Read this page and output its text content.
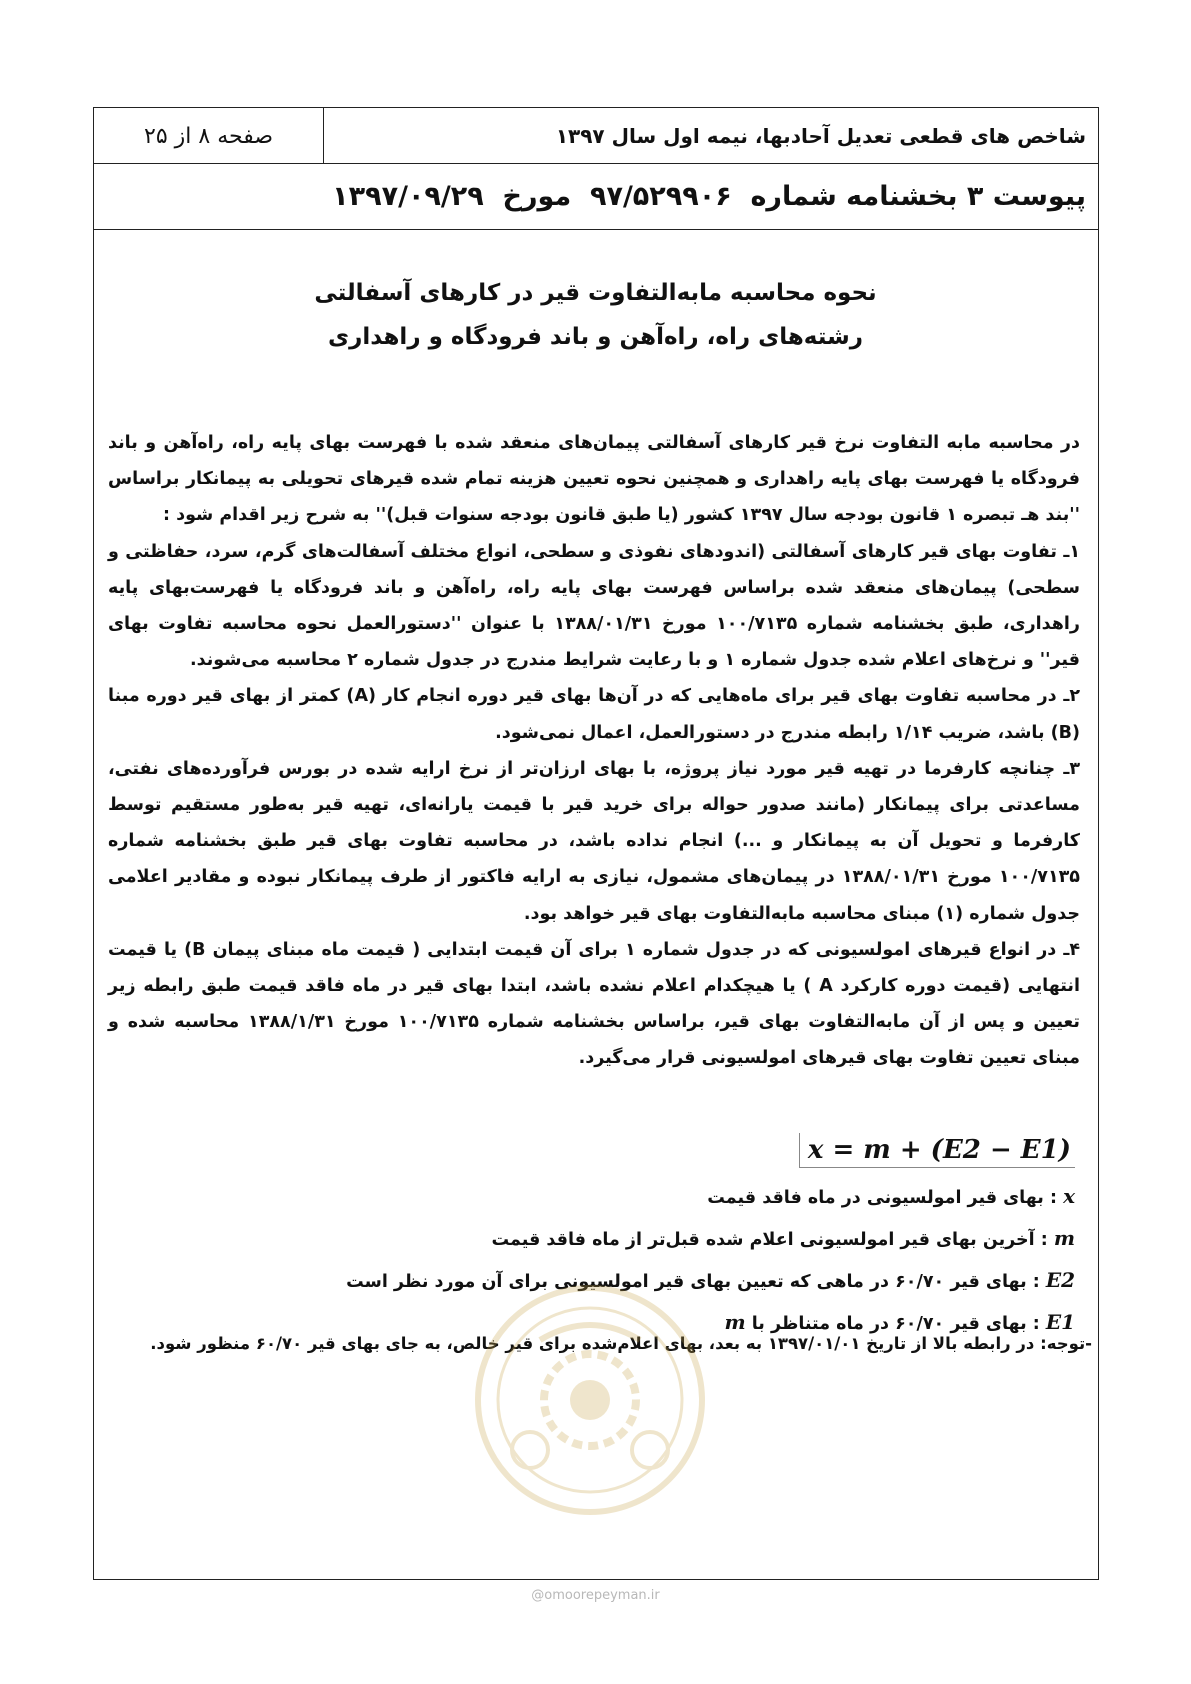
صفحه ۸ از ۲۵	شاخص های قطعی تعدیل آحادبها، نیمه اول سال ۱۳۹۷
پیوست ۳ بخشنامه شماره  ۹۷/۵۲۹۹۰۶  مورخ  ۱۳۹۷/۰۹/۲۹
نحوه محاسبه مابه‌التفاوت قیر در کارهای آسفالتی
رشته‌های راه، راه‌آهن و باند فرودگاه و راهداری

در محاسبه مابه التفاوت نرخ قیر کارهای آسفالتی پیمان‌های منعقد شده با فهرست بهای پایه راه، راه‌آهن و باند فرودگاه یا فهرست بهای پایه راهداری و همچنین نحوه تعیین هزینه تمام شده قیرهای تحویلی به پیمانکار براساس ''بند هـ تبصره ۱ قانون بودجه سال ۱۳۹۷ کشور (یا طبق قانون بودجه سنوات قبل)'' به شرح زیر اقدام شود :

۱ـ تفاوت بهای قیر کارهای آسفالتی (اندودهای نفوذی و سطحی، انواع مختلف آسفالت‌های گرم، سرد، حفاظتی و سطحی) پیمان‌های منعقد شده براساس فهرست بهای پایه راه، راه‌آهن و باند فرودگاه یا فهرست‌بهای پایه راهداری، طبق بخشنامه شماره ۱۰۰/۷۱۳۵ مورخ ۱۳۸۸/۰۱/۳۱ با عنوان ''دستورالعمل نحوه محاسبه تفاوت بهای قیر'' و نرخ‌های اعلام شده جدول شماره ۱ و با رعایت شرایط مندرج در جدول شماره ۲ محاسبه می‌شوند.

۲ـ در محاسبه تفاوت بهای قیر برای ماه‌هایی که در آن‌ها بهای قیر دوره انجام کار (A) کمتر از بهای قیر دوره مبنا (B) باشد، ضریب ۱/۱۴ رابطه مندرج در دستورالعمل، اعمال نمی‌شود.

۳ـ چنانچه کارفرما در تهیه قیر مورد نیاز پروژه، با بهای ارزان‌تر از نرخ ارایه شده در بورس فرآورده‌های نفتی، مساعدتی برای پیمانکار (مانند صدور حواله برای خرید قیر با قیمت یارانه‌ای، تهیه قیر به‌طور مستقیم توسط کارفرما و تحویل آن به پیمانکار و ...) انجام نداده باشد، در محاسبه تفاوت بهای قیر طبق بخشنامه شماره ۱۰۰/۷۱۳۵ مورخ ۱۳۸۸/۰۱/۳۱ در پیمان‌های مشمول، نیازی به ارایه فاکتور از طرف پیمانکار نبوده و مقادیر اعلامی جدول شماره (۱) مبنای محاسبه مابه‌التفاوت بهای قیر خواهد بود.

۴ـ در انواع قیرهای امولسیونی که در جدول شماره ۱ برای آن قیمت ابتدایی ( قیمت ماه مبنای پیمان B) یا قیمت انتهایی (قیمت دوره کارکرد A ) یا هیچکدام اعلام نشده باشد، ابتدا بهای قیر در ماه فاقد قیمت طبق رابطه زیر تعیین و پس از آن مابه‌التفاوت بهای قیر، براساس بخشنامه شماره ۱۰۰/۷۱۳۵ مورخ ۱۳۸۸/۱/۳۱ محاسبه شده و مبنای تعیین تفاوت بهای قیرهای امولسیونی قرار می‌گیرد.

x = m + (E2 − E1)
x : بهای قیر امولسیونی در ماه فاقد قیمت
m : آخرین بهای قیر امولسیونی اعلام شده قبل‌تر از ماه فاقد قیمت
E2 : بهای قیر ۶۰/۷۰ در ماهی که تعیین بهای قیر امولسیونی برای آن مورد نظر است
E1 : بهای قیر ۶۰/۷۰ در ماه متناظر با m
-توجه: در رابطه بالا از تاریخ ۱۳۹۷/۰۱/۰۱ به بعد، بهای اعلام‌شده برای قیر خالص، به جای بهای قیر ۶۰/۷۰ منظور شود.
@omoorepeyman.ir
